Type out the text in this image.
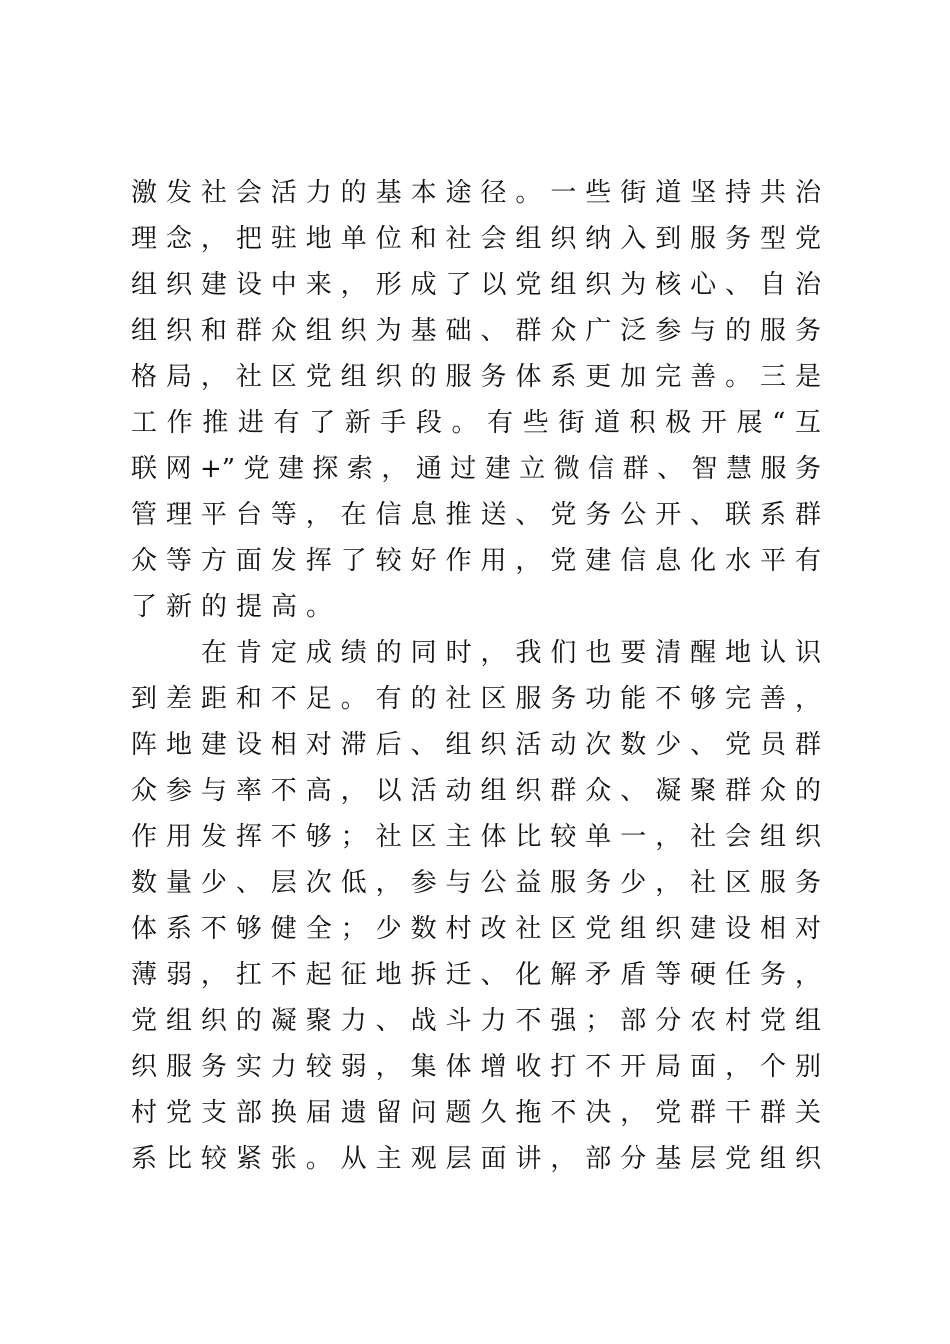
激发社会活力的基本途径。一些街道坚持共治
理念，把驻地单位和社会组织纳入到服务型党
组织建设中来，形成了以党组织为核心、自治
组织和群众组织为基础、群众广泛参与的服务
格局，社区党组织的服务体系更加完善。三是
工作推进有了新手段。有些街道积极开展“互
联网+”党建探索，通过建立微信群、智慧服务
管理平台等，在信息推送、党务公开、联系群
众等方面发挥了较好作用，党建信息化水平有
了新的提高。
在肯定成绩的同时，我们也要清醒地认识
到差距和不足。有的社区服务功能不够完善，
阵地建设相对滞后、组织活动次数少、党员群
众参与率不高，以活动组织群众、凝聚群众的
作用发挥不够；社区主体比较单一，社会组织
数量少、层次低，参与公益服务少，社区服务
体系不够健全；少数村改社区党组织建设相对
薄弱，扛不起征地拆迁、化解矛盾等硬任务，
党组织的凝聚力、战斗力不强；部分农村党组
织服务实力较弱，集体增收打不开局面，个别
村党支部换届遗留问题久拖不决，党群干群关
系比较紧张。从主观层面讲，部分基层党组织
